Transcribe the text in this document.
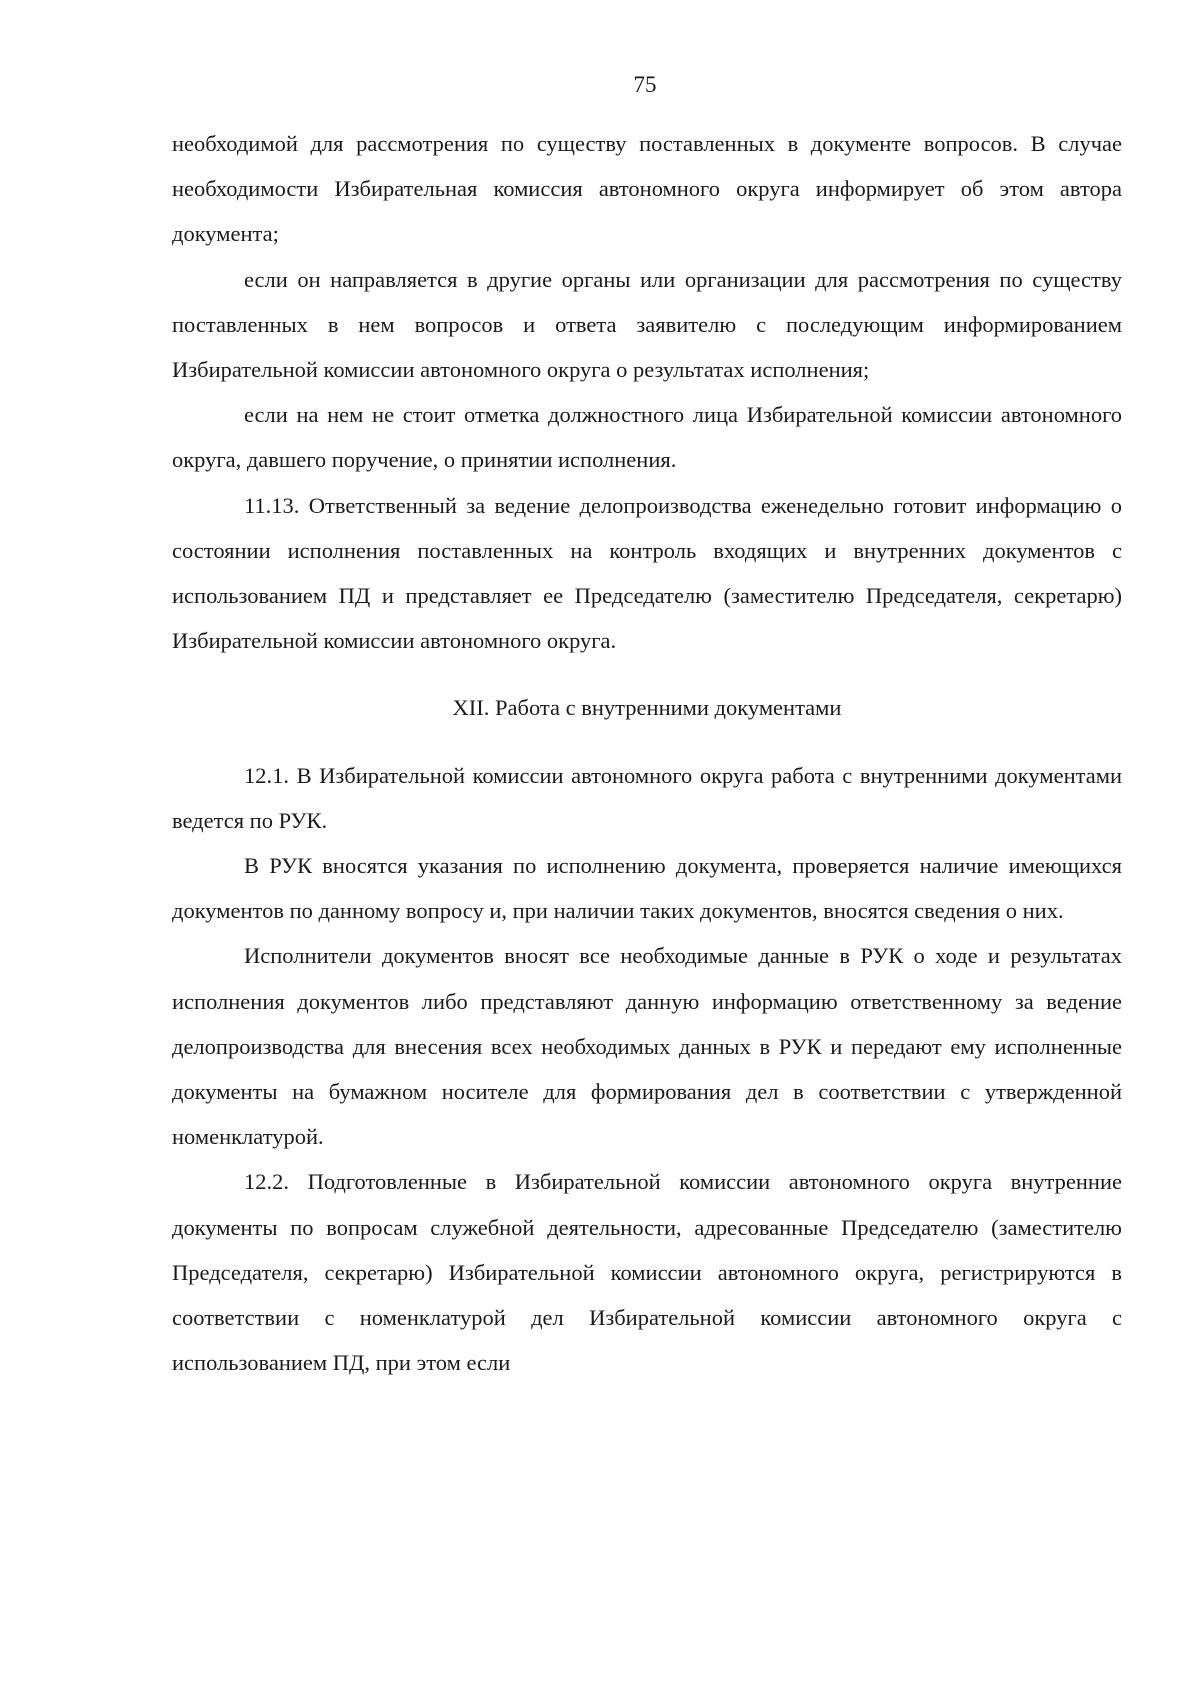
75

необходимой для рассмотрения по существу поставленных в документе вопросов. В случае необходимости Избирательная комиссия автономного округа информирует об этом автора документа;

если он направляется в другие органы или организации для рассмотрения по существу поставленных в нем вопросов и ответа заявителю с последующим информированием Избирательной комиссии автономного округа о результатах исполнения;

если на нем не стоит отметка должностного лица Избирательной комиссии автономного округа, давшего поручение, о принятии исполнения.

11.13. Ответственный за ведение делопроизводства еженедельно готовит информацию о состоянии исполнения поставленных на контроль входящих и внутренних документов с использованием ПД и представляет ее Председателю (заместителю Председателя, секретарю) Избирательной комиссии автономного округа.

XII. Работа с внутренними документами

12.1. В Избирательной комиссии автономного округа работа с внутренними документами ведется по РУК.

В РУК вносятся указания по исполнению документа, проверяется наличие имеющихся документов по данному вопросу и, при наличии таких документов, вносятся сведения о них.

Исполнители документов вносят все необходимые данные в РУК о ходе и результатах исполнения документов либо представляют данную информацию ответственному за ведение делопроизводства для внесения всех необходимых данных в РУК и передают ему исполненные документы на бумажном носителе для формирования дел в соответствии с утвержденной номенклатурой.

12.2. Подготовленные в Избирательной комиссии автономного округа внутренние документы по вопросам служебной деятельности, адресованные Председателю (заместителю Председателя, секретарю) Избирательной комиссии автономного округа, регистрируются в соответствии с номенклатурой дел Избирательной комиссии автономного округа с использованием ПД, при этом если
